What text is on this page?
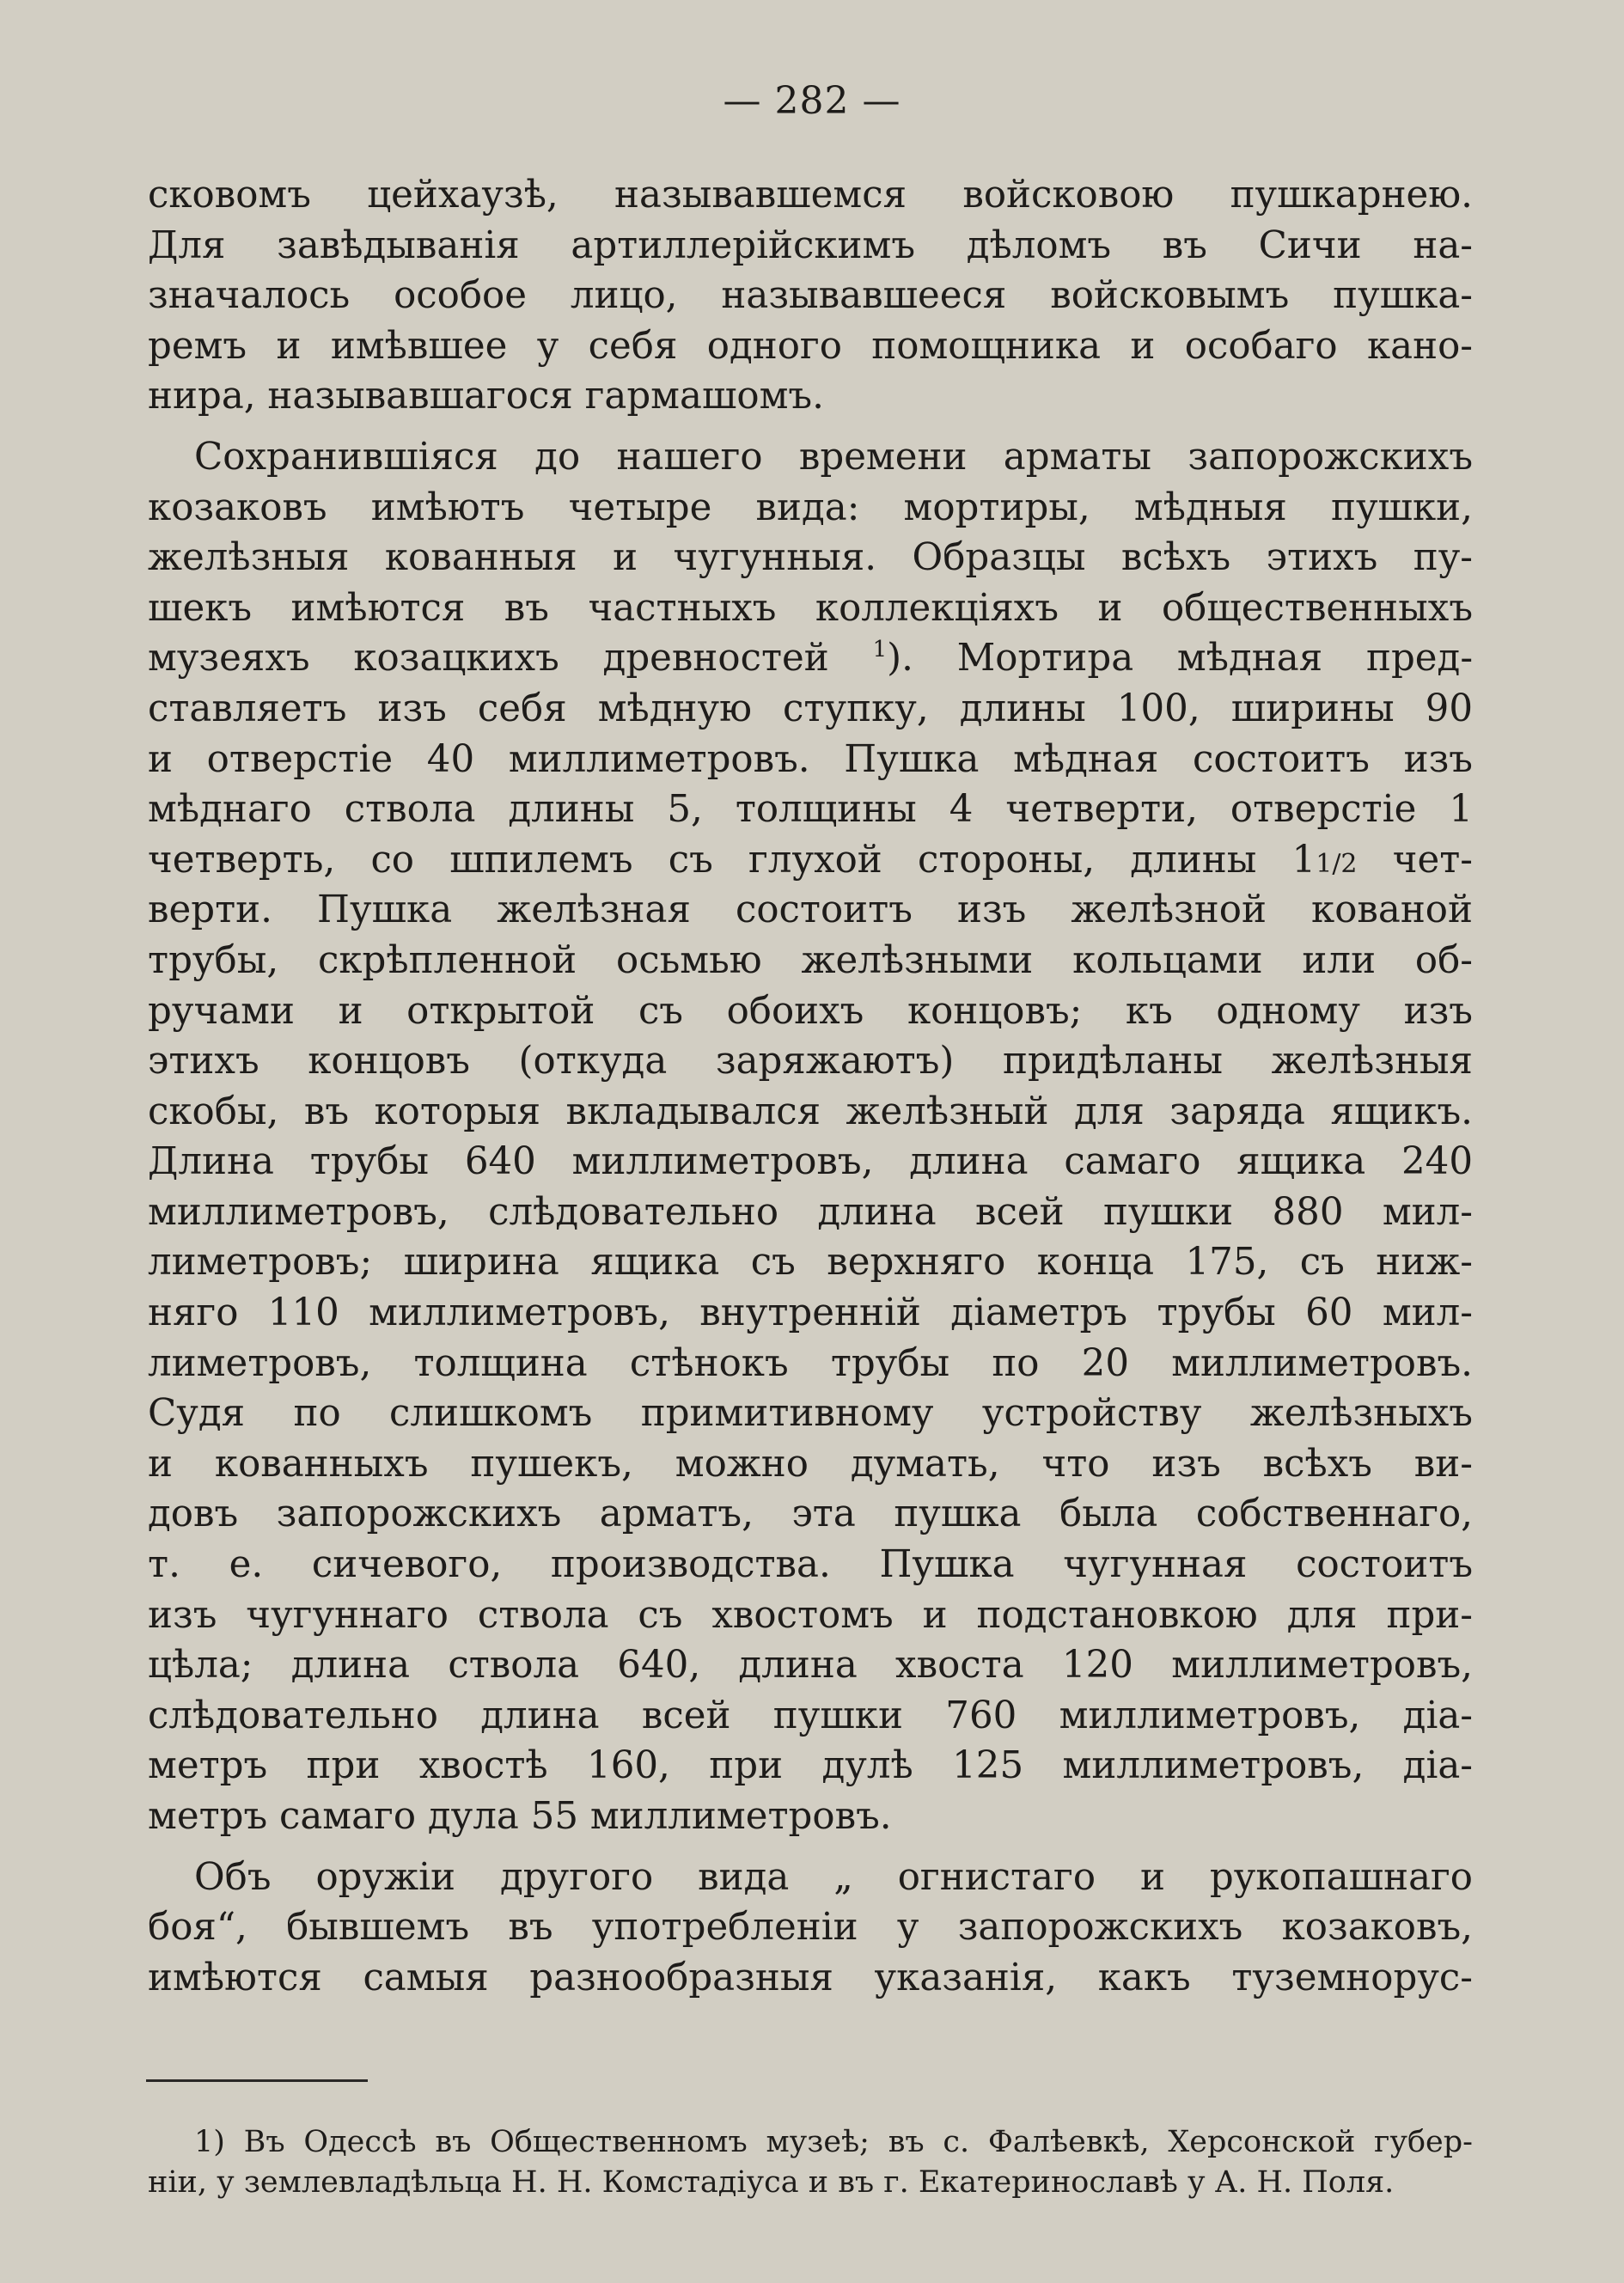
— 282 —
сковомъ цейхаузѣ, называвшемся войсковою пушкарнею.
Для завѣдыванія артиллерійскимъ дѣломъ въ Сичи на-
значалось особое лицо, называвшееся войсковымъ пушка-
ремъ и имѣвшее у себя одного помощника и особаго кано-
нира, называвшагося гармашомъ.
Сохранившіяся до нашего времени арматы запорожскихъ
козаковъ имѣютъ четыре вида: мортиры, мѣдныя пушки,
желѣзныя кованныя и чугунныя. Образцы всѣхъ этихъ пу-
шекъ имѣются въ частныхъ коллекціяхъ и общественныхъ
музеяхъ козацкихъ древностей $^1$). Мортира мѣдная пред-
ставляетъ изъ себя мѣдную ступку, длины 100, ширины 90
и отверстіе 40 миллиметровъ. Пушка мѣдная состоитъ изъ
мѣднаго ствола длины 5, толщины 4 четверти, отверстіе 1
четверть, со шпилемъ съ глухой стороны, длины 11/2 чет-
верти. Пушка желѣзная состоитъ изъ желѣзной кованой
трубы, скрѣпленной осьмью желѣзными кольцами или об-
ручами и открытой съ обоихъ концовъ; къ одному изъ
этихъ концовъ (откуда заряжаютъ) придѣланы желѣзныя
скобы, въ которыя вкладывался желѣзный для заряда ящикъ.
Длина трубы 640 миллиметровъ, длина самаго ящика 240
миллиметровъ, слѣдовательно длина всей пушки 880 мил-
лиметровъ; ширина ящика съ верхняго конца 175, съ ниж-
няго 110 миллиметровъ, внутренній діаметръ трубы 60 мил-
лиметровъ, толщина стѣнокъ трубы по 20 миллиметровъ.
Судя по слишкомъ примитивному устройству желѣзныхъ
и кованныхъ пушекъ, можно думать, что изъ всѣхъ ви-
довъ запорожскихъ арматъ, эта пушка была собственнаго,
т. е. сичевого, производства. Пушка чугунная состоитъ
изъ чугуннаго ствола съ хвостомъ и подстановкою для при-
цѣла; длина ствола 640, длина хвоста 120 миллиметровъ,
слѣдовательно длина всей пушки 760 миллиметровъ, діа-
метръ при хвостѣ 160, при дулѣ 125 миллиметровъ, діа-
метръ самаго дула 55 миллиметровъ.
Объ оружіи другого вида „ огнистаго и рукопашнаго
боя“, бывшемъ въ употребленіи у запорожскихъ козаковъ,
имѣются самыя разнообразныя указанія, какъ туземнорус-
1) Въ Одессѣ въ Общественномъ музеѣ; въ с. Фалѣевкѣ, Херсонской губер-
ніи, у землевладѣльца Н. Н. Комстадіуса и въ г. Екатеринославѣ у А. Н. Поля.
